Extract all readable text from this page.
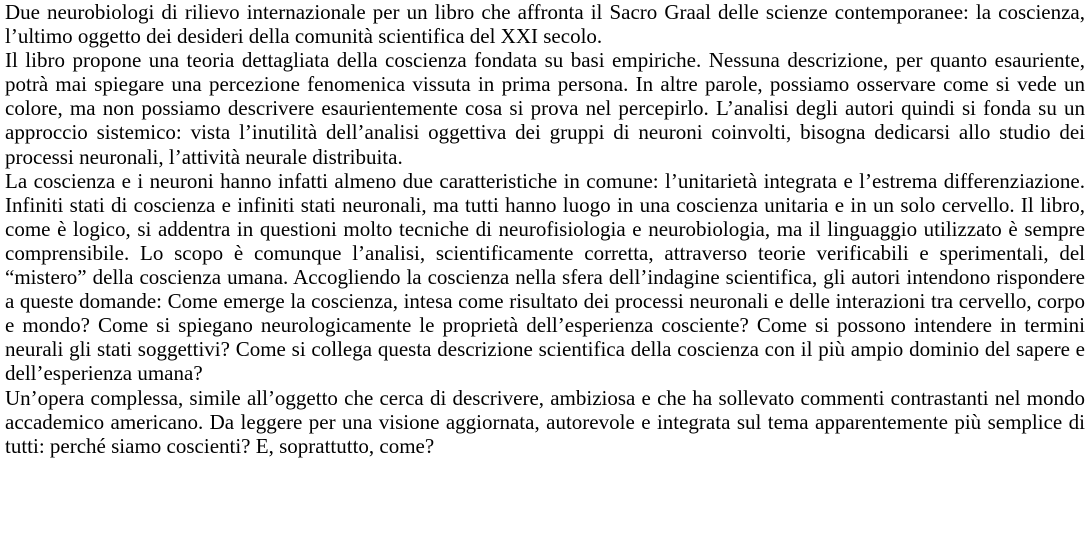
Due neurobiologi di rilievo internazionale per un libro che affronta il Sacro Graal delle scienze contemporanee: la coscienza, l’ultimo oggetto dei desideri della comunità scientifica del XXI secolo.

Il libro propone una teoria dettagliata della coscienza fondata su basi empiriche. Nessuna descrizione, per quanto esauriente, potrà mai spiegare una percezione fenomenica vissuta in prima persona. In altre parole, possiamo osservare come si vede un colore, ma non possiamo descrivere esaurientemente cosa si prova nel percepirlo. L’analisi degli autori quindi si fonda su un approccio sistemico: vista l’inutilità dell’analisi oggettiva dei gruppi di neuroni coinvolti, bisogna dedicarsi allo studio dei processi neuronali, l’attività neurale distribuita.

La coscienza e i neuroni hanno infatti almeno due caratteristiche in comune: l’unitarietà integrata e l’estrema differenziazione. Infiniti stati di coscienza e infiniti stati neuronali, ma tutti hanno luogo in una coscienza unitaria e in un solo cervello. Il libro, come è logico, si addentra in questioni molto tecniche di neurofisiologia e neurobiologia, ma il linguaggio utilizzato è sempre comprensibile. Lo scopo è comunque l’analisi, scientificamente corretta, attraverso teorie verificabili e sperimentali, del “mistero” della coscienza umana. Accogliendo la coscienza nella sfera dell’indagine scientifica, gli autori intendono rispondere a queste domande: Come emerge la coscienza, intesa come risultato dei processi neuronali e delle interazioni tra cervello, corpo e mondo? Come si spiegano neurologicamente le proprietà dell’esperienza cosciente? Come si possono intendere in termini neurali gli stati soggettivi? Come si collega questa descrizione scientifica della coscienza con il più ampio dominio del sapere e dell’esperienza umana?

Un’opera complessa, simile all’oggetto che cerca di descrivere, ambiziosa e che ha sollevato commenti contrastanti nel mondo accademico americano. Da leggere per una visione aggiornata, autorevole e integrata sul tema apparentemente più semplice di tutti: perché siamo coscienti? E, soprattutto, come?
